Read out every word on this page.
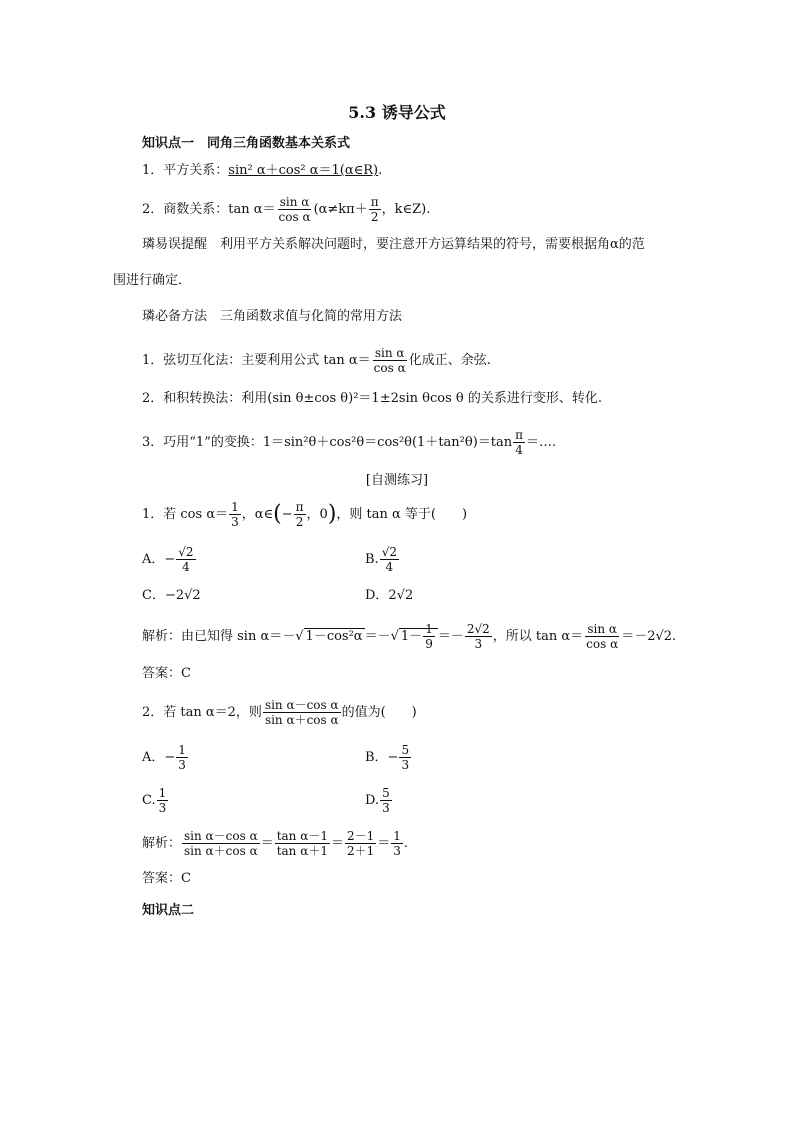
5.3 诱导公式
知识点一　同角三角函数基本关系式
1．平方关系：sin² α＋cos² α＝1(α∈R).
2．商数关系：$\tan \alpha= \frac{\text{sin α}}{\text{cos α}} (\alpha\ne k\pi+ \frac{\pi}{2}$ ，k∈Z).
璘易误提醒　利用平方关系解决问题时，要注意开方运算结果的符号，需要根据角α的范
围进行确定．
璘必备方法　三角函数求值与化简的常用方法
1．弦切互化法：主要利用公式 $\tan \alpha= \frac{\text{sin α}}{\text{cos α}}$ 化成正、余弦.
2．和积转换法：利用(sin θ±cos θ)²＝1±2sin θcos θ 的关系进行变形、转化.
3．巧用“1”的变换：$1=\sin^2\theta+\cos^2\theta=\cos^2\theta(1+\tan^2\theta)=\tan \frac{\pi}{4}$ ＝….
[自测练习]
1．若 $\cos \alpha= \frac{1}{3}$ ，α∈(− $\frac{\pi}{2}$ ，0)，则 tan α 等于(　　)
A．− $\frac{√2}{4}$	B. $\frac{√2}{4}$
C．−2√2	D．2√2
解析：由已知得 sin α＝－√ 1－cos²α ＝－√ $1- \frac{1}{9} =- \frac{2√2}{3}$ ，所以 $\tan \alpha= \frac{\text{sin α}}{\text{cos α}} =-2√2$.
答案：C
2．若 tan α＝2，则 $\frac{\text{sin α－cos α}}{\text{sin α＋cos α}}$ 的值为(　　)
A．− $\frac{1}{3}$	B．− $\frac{5}{3}$
C. $\frac{1}{3}$	D. $\frac{5}{3}$
解析： $\frac{\text{sin α－cos α}}{\text{sin α＋cos α}} = \frac{\text{tan α－1}}{\text{tan α＋1}} = \frac{2-1}{2+1} = \frac{1}{3}$ .
答案：C
知识点二
